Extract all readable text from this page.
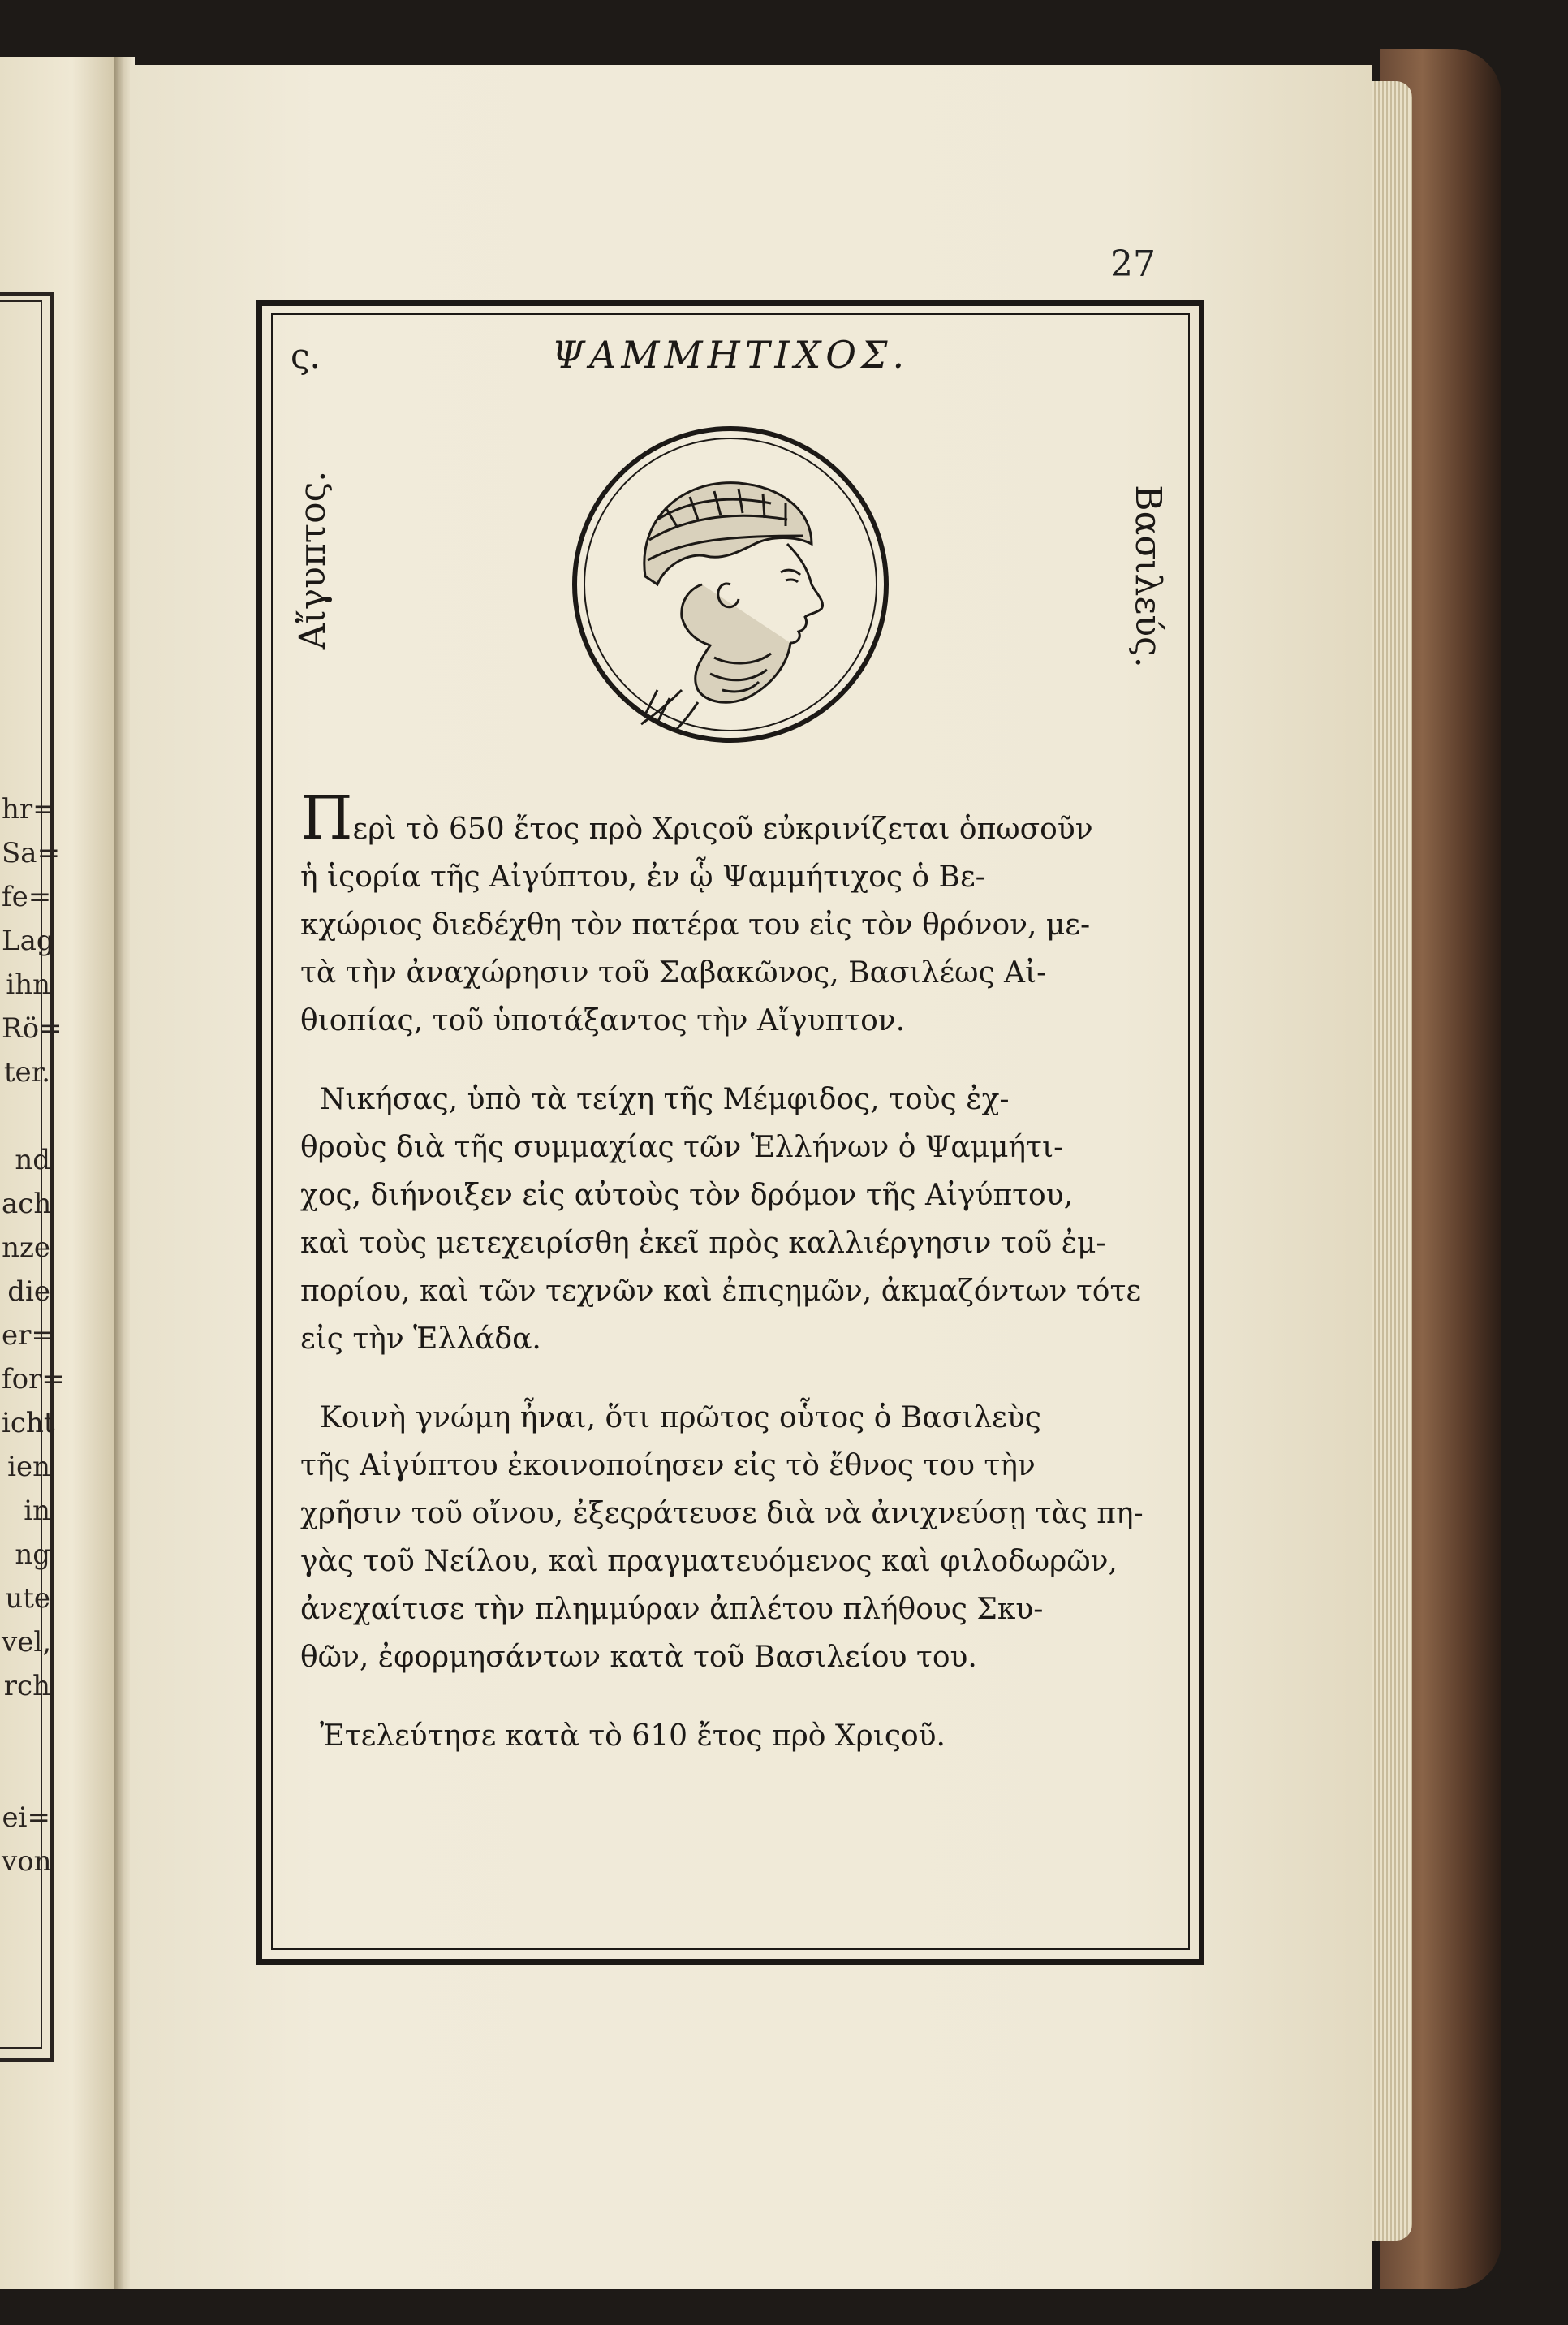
hr=
Sa=
fe=
Lag
ihn
Rö=
ter.

nd
ach
nze
die
er=
for=
icht
ien
in
ng
ute
vel,
rch

ei=
von
27
ς.	ΨΑΜΜΗΤΙΧΟΣ.
Αἴγυπτος.	Βασιλεύς.
Περὶ τὸ 650 ἔτος πρὸ Χριςοῦ εὐκρινίζεται ὁπωσοῦν
ἡ ἱςορία τῆς Αἰγύπτου, ἐν ᾧ Ψαμμήτιχος ὁ Βε-
κχώριος διεδέχθη τὸν πατέρα του εἰς τὸν θρόνον, με-
τὰ τὴν ἀναχώρησιν τοῦ Σαβακῶνος, Βασιλέως Αἰ-
θιοπίας, τοῦ ὑποτάξαντος τὴν Αἴγυπτον.
Νικήσας, ὑπὸ τὰ τείχη τῆς Μέμφιδος, τοὺς ἐχ-
θροὺς διὰ τῆς συμμαχίας τῶν Ἑλλήνων ὁ Ψαμμήτι-
χος, διήνοιξεν εἰς αὐτοὺς τὸν δρόμον τῆς Αἰγύπτου,
καὶ τοὺς μετεχειρίσθη ἐκεῖ πρὸς καλλιέργησιν τοῦ ἐμ-
πορίου, καὶ τῶν τεχνῶν καὶ ἐπιςημῶν, ἀκμαζόντων τότε
εἰς τὴν Ἑλλάδα.
Κοινὴ γνώμη ἦναι, ὅτι πρῶτος οὗτος ὁ Βασιλεὺς
τῆς Αἰγύπτου ἐκοινοποίησεν εἰς τὸ ἔθνος του τὴν
χρῆσιν τοῦ οἴνου, ἐξεςράτευσε διὰ νὰ ἀνιχνεύσῃ τὰς πη-
γὰς τοῦ Νείλου, καὶ πραγματευόμενος καὶ φιλοδωρῶν,
ἀνεχαίτισε τὴν πλημμύραν ἀπλέτου πλήθους Σκυ-
θῶν, ἐφορμησάντων κατὰ τοῦ Βασιλείου του.
Ἐτελεύτησε κατὰ τὸ 610 ἔτος πρὸ Χριςοῦ.
